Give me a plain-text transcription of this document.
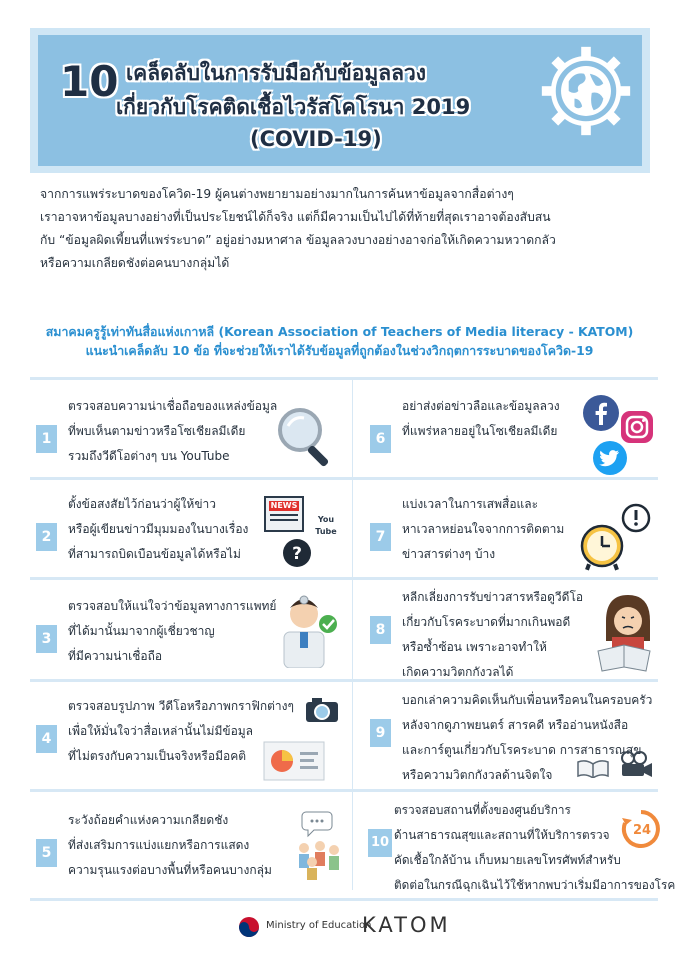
10 เคล็ดลับในการรับมือกับข้อมูลลวง
เกี่ยวกับโรคติดเชื้อไวรัสโคโรนา 2019
(COVID-19)

จากการแพร่ระบาดของโควิด-19 ผู้คนต่างพยายามอย่างมากในการค้นหาข้อมูลจากสื่อต่างๆ

เราอาจหาข้อมูลบางอย่างที่เป็นประโยชน์ได้ก็จริง แต่ก็มีความเป็นไปได้ที่ท้ายที่สุดเราอาจต้องสับสน

กับ “ข้อมูลผิดเพี้ยนที่แพร่ระบาด” อยู่อย่างมหาศาล ข้อมูลลวงบางอย่างอาจก่อให้เกิดความหวาดกลัว

หรือความเกลียดชังต่อคนบางกลุ่มได้

สมาคมครูรู้เท่าทันสื่อแห่งเกาหลี (Korean Association of Teachers of Media literacy - KATOM)

แนะนำเคล็ดลับ 10 ข้อ ที่จะช่วยให้เราได้รับข้อมูลที่ถูกต้องในช่วงวิกฤตการระบาดของโควิด-19

1

ตรวจสอบความน่าเชื่อถือของแหล่งข้อมูล

ที่พบเห็นตามข่าวหรือโซเชียลมีเดีย

รวมถึงวีดีโอต่างๆ บน YouTube

2

ตั้งข้อสงสัยไว้ก่อนว่าผู้ให้ข่าว

หรือผู้เขียนข่าวมีมุมมองในบางเรื่อง

ที่สามารถบิดเบือนข้อมูลได้หรือไม่

NEWS
You Tube
?
3

ตรวจสอบให้แน่ใจว่าข้อมูลทางการแพทย์

ที่ได้มานั้นมาจากผู้เชี่ยวชาญ

ที่มีความน่าเชื่อถือ

4

ตรวจสอบรูปภาพ วีดีโอหรือภาพกราฟิกต่างๆ

เพื่อให้มั่นใจว่าสื่อเหล่านั้นไม่มีข้อมูล

ที่ไม่ตรงกับความเป็นจริงหรือมีอคติ

5

ระวังถ้อยคำแห่งความเกลียดชัง

ที่ส่งเสริมการแบ่งแยกหรือการแสดง

ความรุนแรงต่อบางพื้นที่หรือคนบางกลุ่ม

6

อย่าส่งต่อข่าวลือและข้อมูลลวง

ที่แพร่หลายอยู่ในโซเชียลมีเดีย

7

แบ่งเวลาในการเสพสื่อและ

หาเวลาหย่อนใจจากการติดตาม

ข่าวสารต่างๆ บ้าง

8

หลีกเลี่ยงการรับข่าวสารหรือดูวีดีโอ

เกี่ยวกับโรคระบาดที่มากเกินพอดี

หรือซ้ำซ้อน เพราะอาจทำให้

เกิดความวิตกกังวลได้

9

บอกเล่าความคิดเห็นกับเพื่อนหรือคนในครอบครัว

หลังจากดูภาพยนตร์ สารคดี หรืออ่านหนังสือ

และการ์ตูนเกี่ยวกับโรคระบาด การสาธารณสุข

หรือความวิตกกังวลด้านจิตใจ

10

ตรวจสอบสถานที่ตั้งของศูนย์บริการ

ด้านสาธารณสุขและสถานที่ให้บริการตรวจ

คัดเชื้อใกล้บ้าน เก็บหมายเลขโทรศัพท์สำหรับ

ติดต่อในกรณีฉุกเฉินไว้ใช้หากพบว่าเริ่มมีอาการของโรค

24
Ministry of Education
KATOM
